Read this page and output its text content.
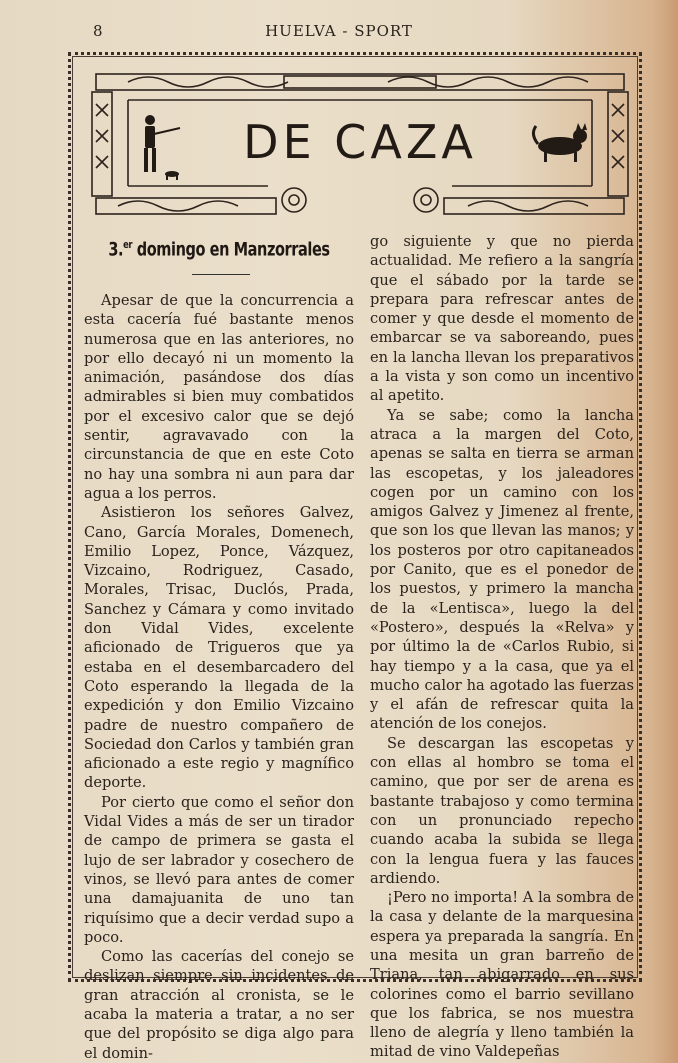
8	HUELVA - SPORT
DE CAZA
3.$^{er}$ domingo en Manzorrales

Apesar de que la concurrencia a esta cacería fué bastante menos numerosa que en las anteriores, no por ello decayó ni un momento la animación, pasándose dos días admirables si bien muy combatidos por el excesivo calor que se dejó sentir, agravavado con la circunstancia de que en este Coto no hay una sombra ni aun para dar agua a los perros.

Asistieron los señores Galvez, Cano, García Morales, Domenech, Emilio Lopez, Ponce, Vázquez, Vizcaino, Rodriguez, Casado, Morales, Trisac, Duclós, Prada, Sanchez y Cámara y como invitado don Vidal Vides, excelente aficionado de Trigueros que ya estaba en el desembarcadero del Coto esperando la llegada de la expedición y don Emilio Vizcaino padre de nuestro compañero de Sociedad don Carlos y también gran aficionado a este regio y magnífico deporte.

Por cierto que como el señor don Vidal Vides a más de ser un tirador de campo de primera se gasta el lujo de ser labrador y cosechero de vinos, se llevó para antes de comer una damajuanita de uno tan riquísimo que a decir verdad supo a poco.

Como las cacerías del conejo se deslizan siempre sin incidentes de gran atracción al cronista, se le acaba la materia a tratar, a no ser que del propósito se diga algo para el domin-

go siguiente y que no pierda actualidad. Me refiero a la sangría que el sábado por la tarde se prepara para refrescar antes de comer y que desde el momento de embarcar se va saboreando, pues en la lancha llevan los preparativos a la vista y son como un incentivo al apetito.

Ya se sabe; como la lancha atraca a la margen del Coto, apenas se salta en tierra se arman las escopetas, y los jaleadores cogen por un camino con los amigos Galvez y Jimenez al frente, que son los que llevan las manos; y los posteros por otro capitaneados por Canito, que es el ponedor de los puestos, y primero la mancha de la «Lentisca», luego la del «Postero», después la «Relva» y por último la de «Carlos Rubio, si hay tiempo y a la casa, que ya el mucho calor ha agotado las fuerzas y el afán de refrescar quita la atención de los conejos.

Se descargan las escopetas y con ellas al hombro se toma el camino, que por ser de arena es bastante trabajoso y como termina con un pronunciado repecho cuando acaba la subida se llega con la lengua fuera y las fauces ardiendo.

¡Pero no importa! A la sombra de la casa y delante de la marquesina espera ya preparada la sangría. En una mesita un gran barreño de Triana, tan abigarrado en sus colorines como el barrio sevillano que los fabrica, se nos muestra lleno de alegría y lleno también la mitad de vino Valdepeñas
